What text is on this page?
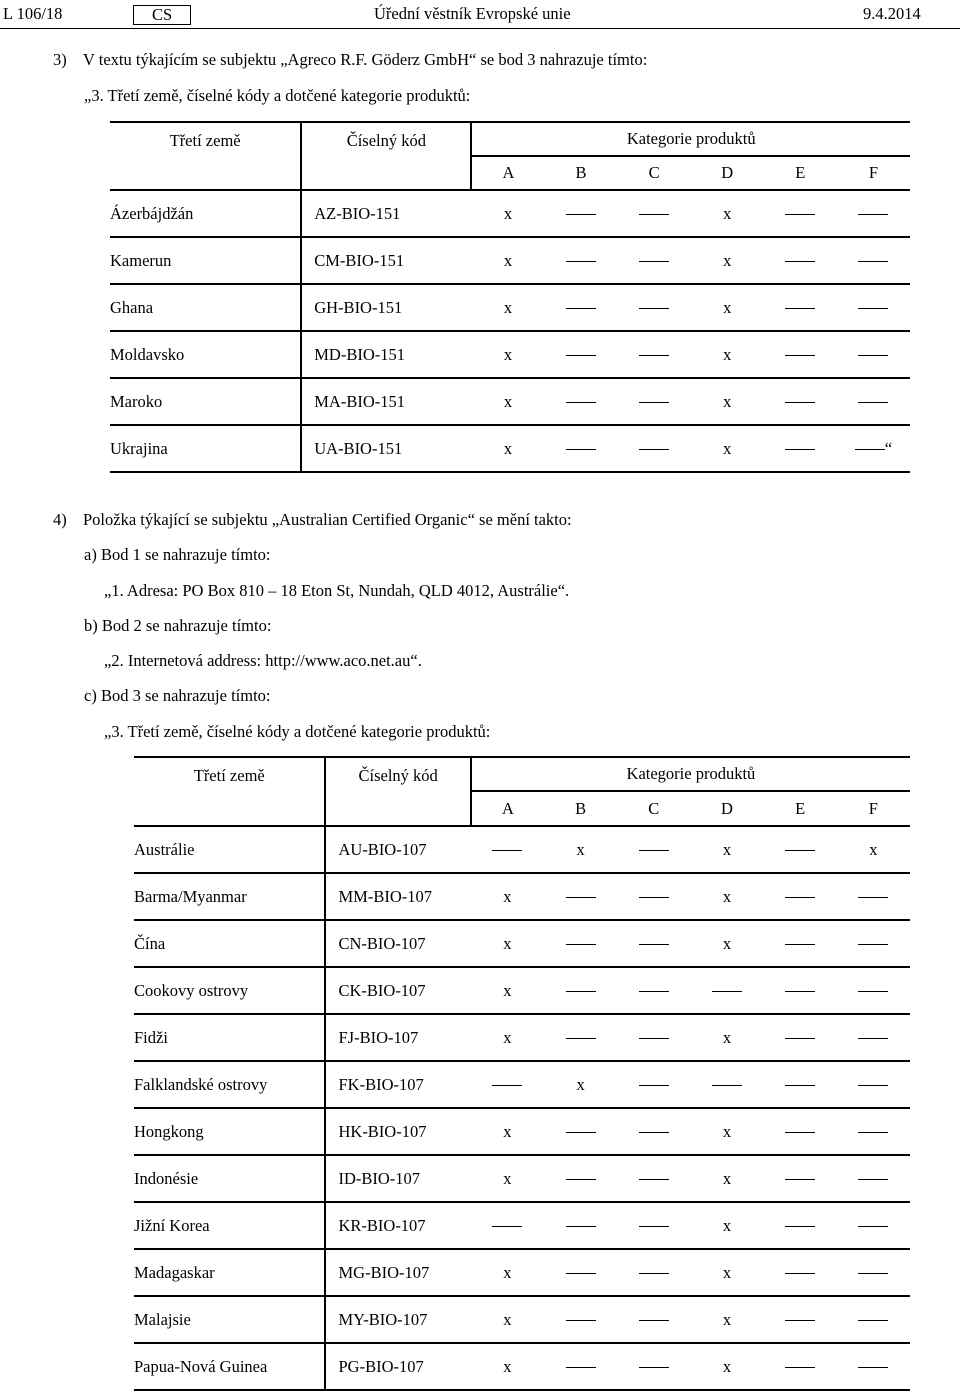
L 106/18	CS	Úřední věstník Evropské unie	9.4.2014
3) V textu týkajícím se subjektu „Agreco R.F. Göderz GmbH“ se bod 3 nahrazuje tímto:
„3. Třetí země, číselné kódy a dotčené kategorie produktů:
Třetí země	Číselný kód	Kategorie produktů					
		A	B	C	D	E	F
Ázerbájdžán	AZ-BIO-151	x			x		
Kamerun	CM-BIO-151	x			x		
Ghana	GH-BIO-151	x			x		
Moldavsko	MD-BIO-151	x			x		
Maroko	MA-BIO-151	x			x		
Ukrajina	UA-BIO-151	x			x		“
4) Položka týkající se subjektu „Australian Certified Organic“ se mění takto:
a) Bod 1 se nahrazuje tímto:
„1. Adresa: PO Box 810 – 18 Eton St, Nundah, QLD 4012, Austrálie“.
b) Bod 2 se nahrazuje tímto:
„2. Internetová address: http://www.aco.net.au“.
c) Bod 3 se nahrazuje tímto:
„3. Třetí země, číselné kódy a dotčené kategorie produktů:
Třetí země	Číselný kód	Kategorie produktů					
		A	B	C	D	E	F
Austrálie	AU-BIO-107		x		x		x
Barma/Myanmar	MM-BIO-107	x			x		
Čína	CN-BIO-107	x			x		
Cookovy ostrovy	CK-BIO-107	x					
Fidži	FJ-BIO-107	x			x		
Falklandské ostrovy	FK-BIO-107		x				
Hongkong	HK-BIO-107	x			x		
Indonésie	ID-BIO-107	x			x		
Jižní Korea	KR-BIO-107				x		
Madagaskar	MG-BIO-107	x			x		
Malajsie	MY-BIO-107	x			x		
Papua-Nová Guinea	PG-BIO-107	x			x		
